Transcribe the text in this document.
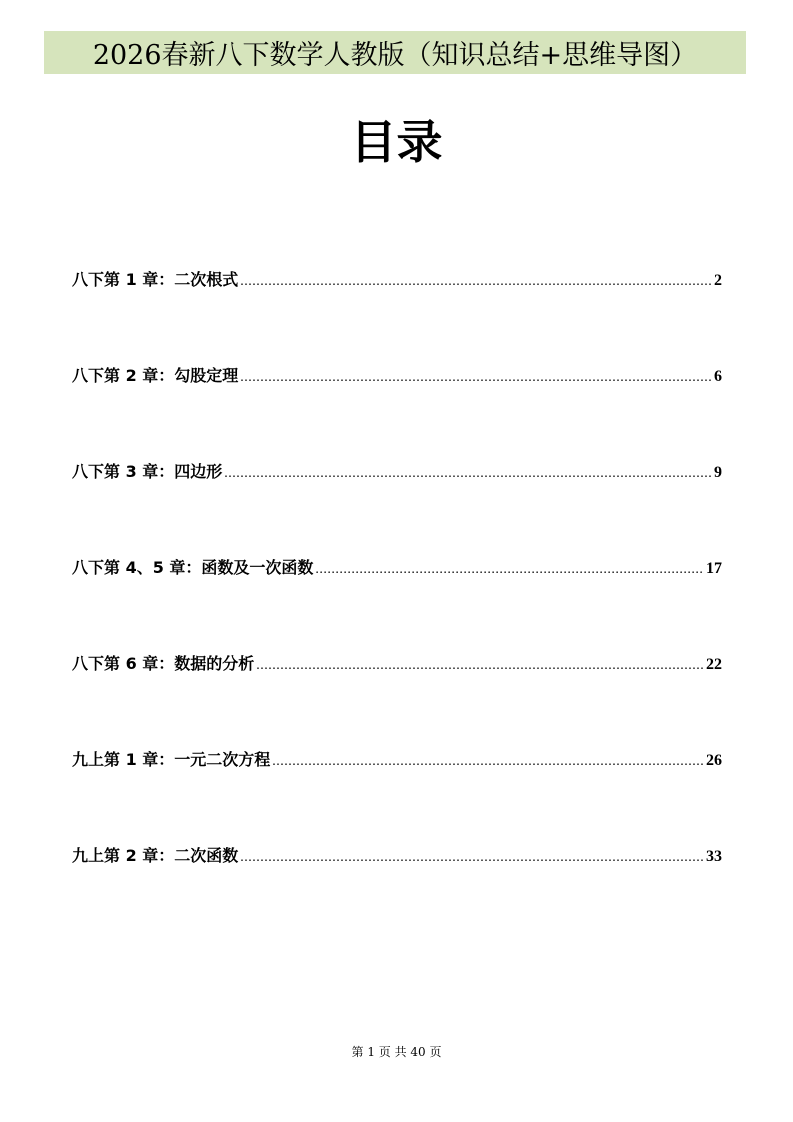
2026春新八下数学人教版（知识总结+思维导图）
目录
八下第 1 章：二次根式 .....	2
八下第 2 章：勾股定理 .....	6
八下第 3 章：四边形 .....	9
八下第 4、5 章：函数及一次函数 .....	17
八下第 6 章：数据的分析 .....	22
九上第 1 章：一元二次方程 .....	26
九上第 2 章：二次函数 .....	33
第 1 页 共 40 页
